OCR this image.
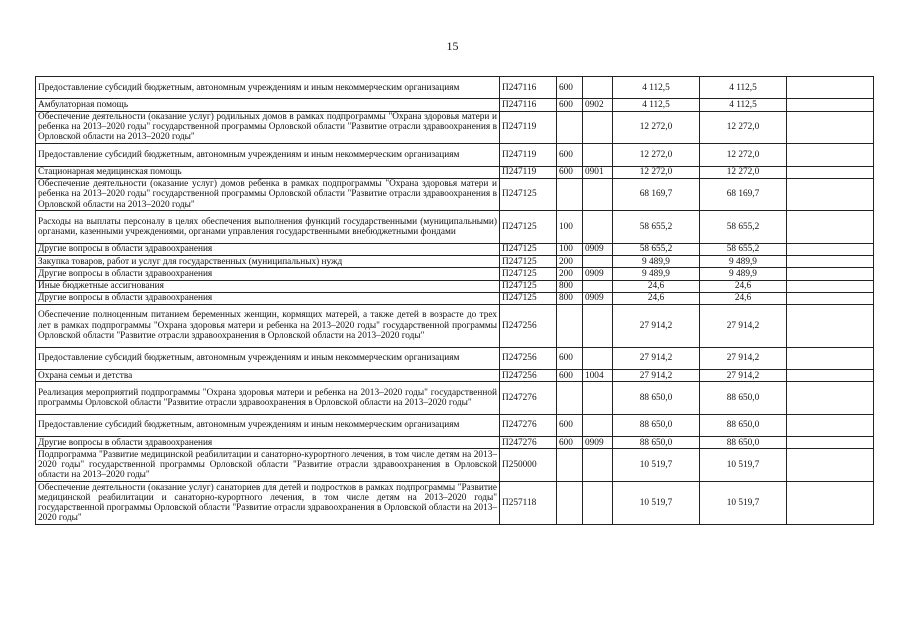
15
Предоставление субсидий бюджетным, автономным учреждениям и иным некоммерческим организациям	П247116	600		4 112,5	4 112,5	
Амбулаторная помощь	П247116	600	0902	4 112,5	4 112,5	
Обеспечение деятельности (оказание услуг) родильных домов в рамках подпрограммы "Охрана здоровья матери и ребенка на 2013–2020 годы" государственной программы Орловской области "Развитие отрасли здравоохранения в Орловской области на 2013–2020 годы"	П247119			12 272,0	12 272,0	
Предоставление субсидий бюджетным, автономным учреждениям и иным некоммерческим организациям	П247119	600		12 272,0	12 272,0	
Стационарная медицинская помощь	П247119	600	0901	12 272,0	12 272,0	
Обеспечение деятельности (оказание услуг) домов ребенка в рамках подпрограммы "Охрана здоровья матери и ребенка на 2013–2020 годы" государственной программы Орловской области "Развитие отрасли здравоохранения в Орловской области на 2013–2020 годы"	П247125			68 169,7	68 169,7	
Расходы на выплаты персоналу в целях обеспечения выполнения функций государственными (муниципальными) органами, казенными учреждениями, органами управления государственными внебюджетными фондами	П247125	100		58 655,2	58 655,2	
Другие вопросы в области здравоохранения	П247125	100	0909	58 655,2	58 655,2	
Закупка товаров, работ и услуг для государственных (муниципальных) нужд	П247125	200		9 489,9	9 489,9	
Другие вопросы в области здравоохранения	П247125	200	0909	9 489,9	9 489,9	
Иные бюджетные ассигнования	П247125	800		24,6	24,6	
Другие вопросы в области здравоохранения	П247125	800	0909	24,6	24,6	
Обеспечение полноценным питанием беременных женщин, кормящих матерей, а также детей в возрасте до трех лет в рамках подпрограммы "Охрана здоровья матери и ребенка на 2013–2020 годы" государственной программы Орловской области "Развитие отрасли здравоохранения в Орловской области на 2013–2020 годы"	П247256			27 914,2	27 914,2	
Предоставление субсидий бюджетным, автономным учреждениям и иным некоммерческим организациям	П247256	600		27 914,2	27 914,2	
Охрана семьи и детства	П247256	600	1004	27 914,2	27 914,2	
Реализация мероприятий подпрограммы "Охрана здоровья матери и ребенка на 2013–2020 годы" государственной программы Орловской области "Развитие отрасли здравоохранения в Орловской области на 2013–2020 годы"	П247276			88 650,0	88 650,0	
Предоставление субсидий бюджетным, автономным учреждениям и иным некоммерческим организациям	П247276	600		88 650,0	88 650,0	
Другие вопросы в области здравоохранения	П247276	600	0909	88 650,0	88 650,0	
Подпрограмма "Развитие медицинской реабилитации и санаторно-курортного лечения, в том числе детям на 2013–2020 годы" государственной программы Орловской области "Развитие отрасли здравоохранения в Орловской области на 2013–2020 годы"	П250000			10 519,7	10 519,7	
Обеспечение деятельности (оказание услуг) санаториев для детей и подростков в рамках подпрограммы "Развитие медицинской реабилитации и санаторно-курортного лечения, в том числе детям на 2013–2020 годы" государственной программы Орловской области "Развитие отрасли здравоохранения в Орловской области на 2013–2020 годы"	П257118			10 519,7	10 519,7	
